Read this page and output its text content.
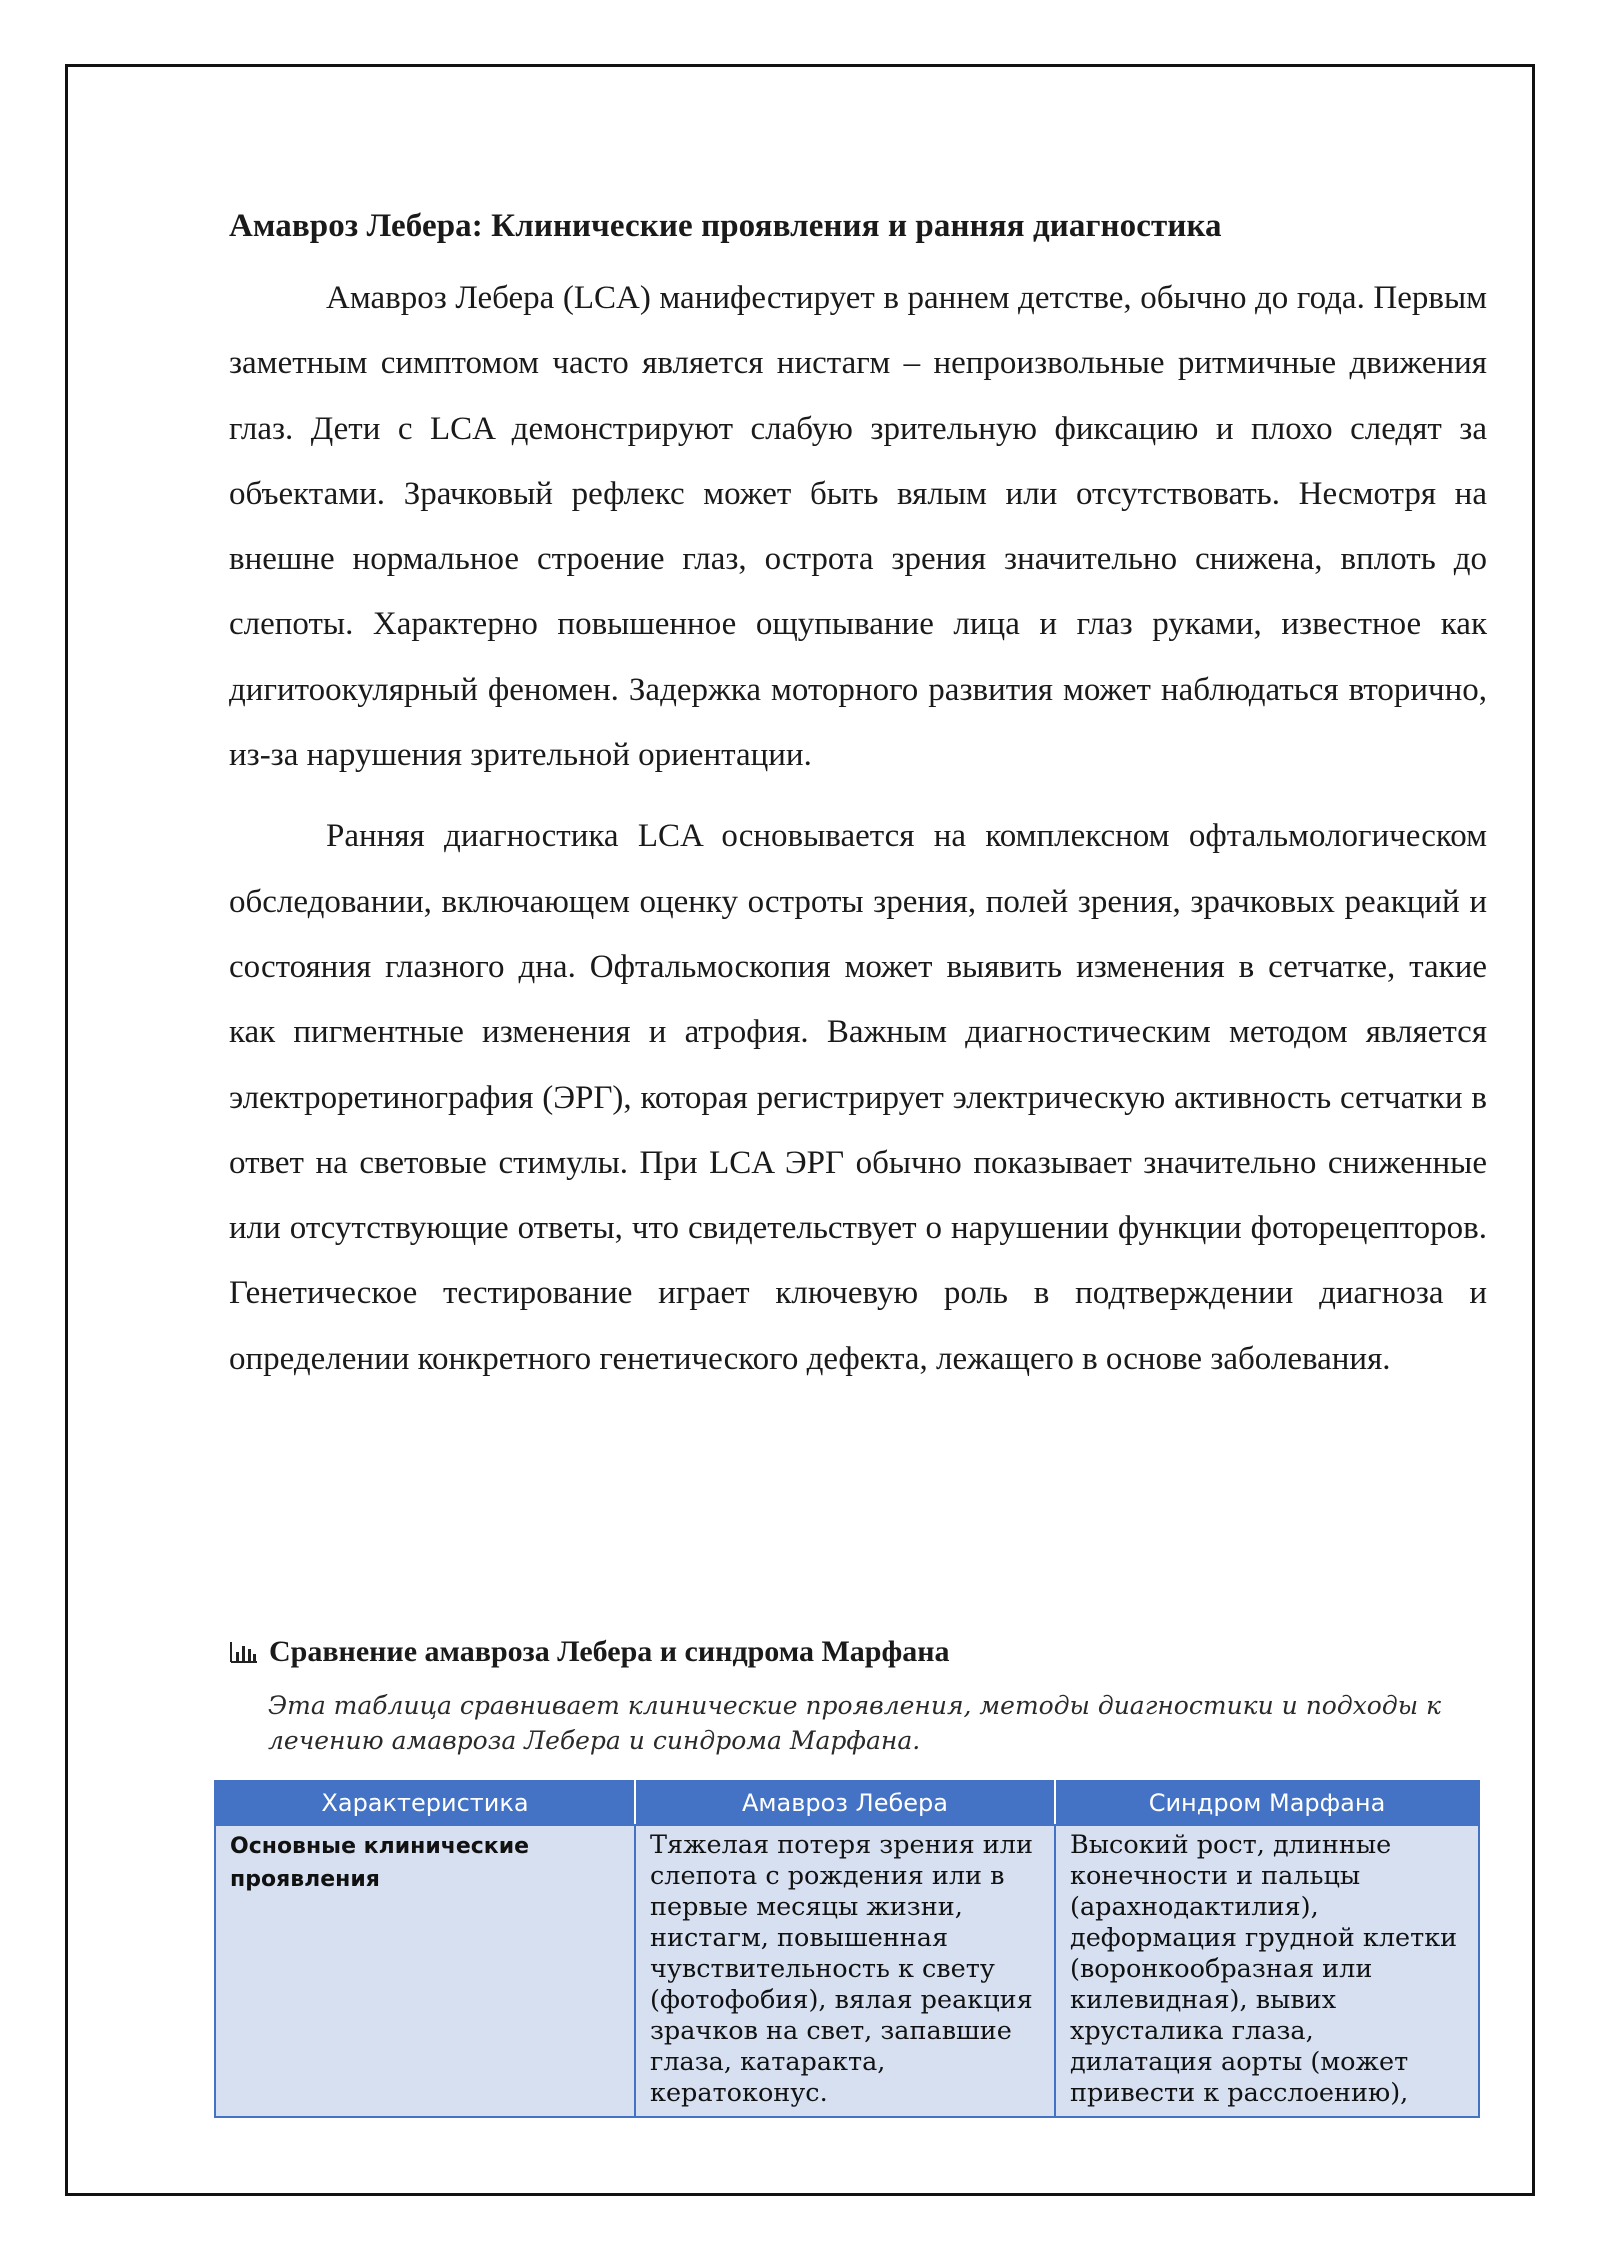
Амавроз Лебера: Клинические проявления и ранняя диагностика

Амавроз Лебера (LCA) манифестирует в раннем детстве, обычно до года. Первым заметным симптомом часто является нистагм – непроизвольные ритмичные движения глаз. Дети с LCA демонстрируют слабую зрительную фиксацию и плохо следят за объектами. Зрачковый рефлекс может быть вялым или отсутствовать. Несмотря на внешне нормальное строение глаз, острота зрения значительно снижена, вплоть до слепоты. Характерно повышенное ощупывание лица и глаз руками, известное как дигитоокулярный феномен. Задержка моторного развития может наблюдаться вторично, из-за нарушения зрительной ориентации.

Ранняя диагностика LCA основывается на комплексном офтальмологическом обследовании, включающем оценку остроты зрения, полей зрения, зрачковых реакций и состояния глазного дна. Офтальмоскопия может выявить изменения в сетчатке, такие как пигментные изменения и атрофия. Важным диагностическим методом является электроретинография (ЭРГ), которая регистрирует электрическую активность сетчатки в ответ на световые стимулы. При LCA ЭРГ обычно показывает значительно сниженные или отсутствующие ответы, что свидетельствует о нарушении функции фоторецепторов. Генетическое тестирование играет ключевую роль в подтверждении диагноза и определении конкретного генетического дефекта, лежащего в основе заболевания.

Сравнение амавроза Лебера и синдрома Марфана
Эта таблица сравнивает клинические проявления, методы диагностики и подходы к лечению амавроза Лебера и синдрома Марфана.
Характеристика	Амавроз Лебера	Синдром Марфана

Основные клинические проявления	Тяжелая потеря зрения или слепота с рождения или в первые месяцы жизни, нистагм, повышенная чувствительность к свету (фотофобия), вялая реакция зрачков на свет, запавшие глаза, катаракта, кератоконус.	Высокий рост, длинные конечности и пальцы (арахнодактилия), деформация грудной клетки (воронкообразная или килевидная), вывих хрусталика глаза, дилатация аорты (может привести к расслоению),
